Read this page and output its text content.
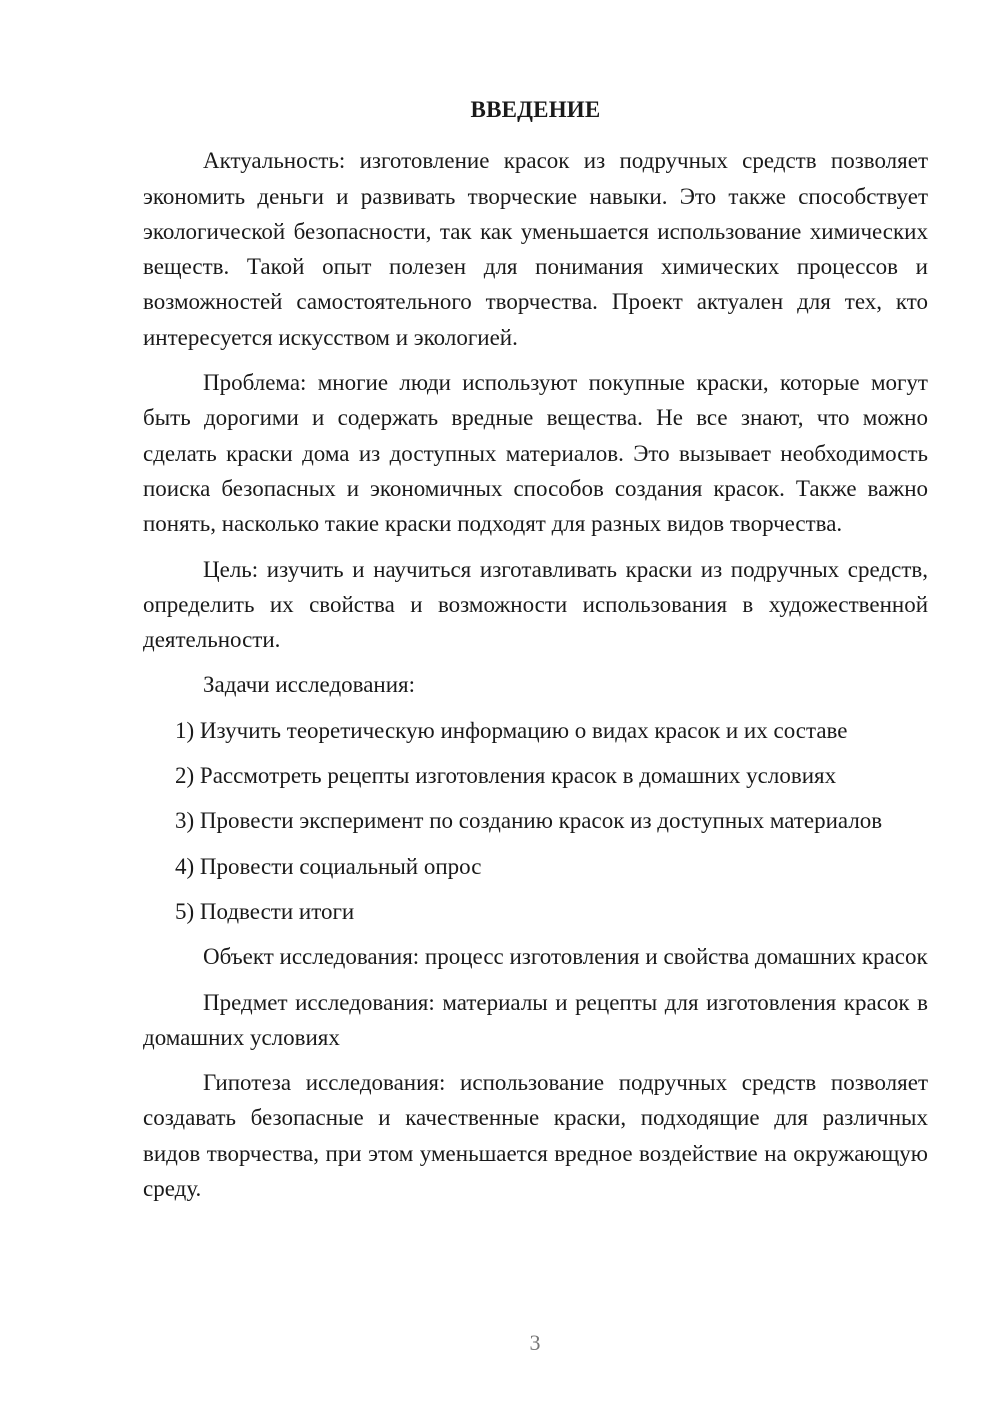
ВВЕДЕНИЕ

Актуальность: изготовление красок из подручных средств позволяет экономить деньги и развивать творческие навыки. Это также способствует экологической безопасности, так как уменьшается использование химических веществ. Такой опыт полезен для понимания химических процессов и возможностей самостоятельного творчества. Проект актуален для тех, кто интересуется искусством и экологией.

Проблема: многие люди используют покупные краски, которые могут быть дорогими и содержать вредные вещества. Не все знают, что можно сделать краски дома из доступных материалов. Это вызывает необходимость поиска безопасных и экономичных способов создания красок. Также важно понять, насколько такие краски подходят для разных видов творчества.

Цель: изучить и научиться изготавливать краски из подручных средств, определить их свойства и возможности использования в художественной деятельности.

Задачи исследования:

1) Изучить теоретическую информацию о видах красок и их составе

2) Рассмотреть рецепты изготовления красок в домашних условиях

3) Провести эксперимент по созданию красок из доступных материалов

4) Провести социальный опрос

5) Подвести итоги

Объект исследования: процесс изготовления и свойства домашних красок

Предмет исследования: материалы и рецепты для изготовления красок в домашних условиях

Гипотеза исследования: использование подручных средств позволяет создавать безопасные и качественные краски, подходящие для различных видов творчества, при этом уменьшается вредное воздействие на окружающую среду.

3
